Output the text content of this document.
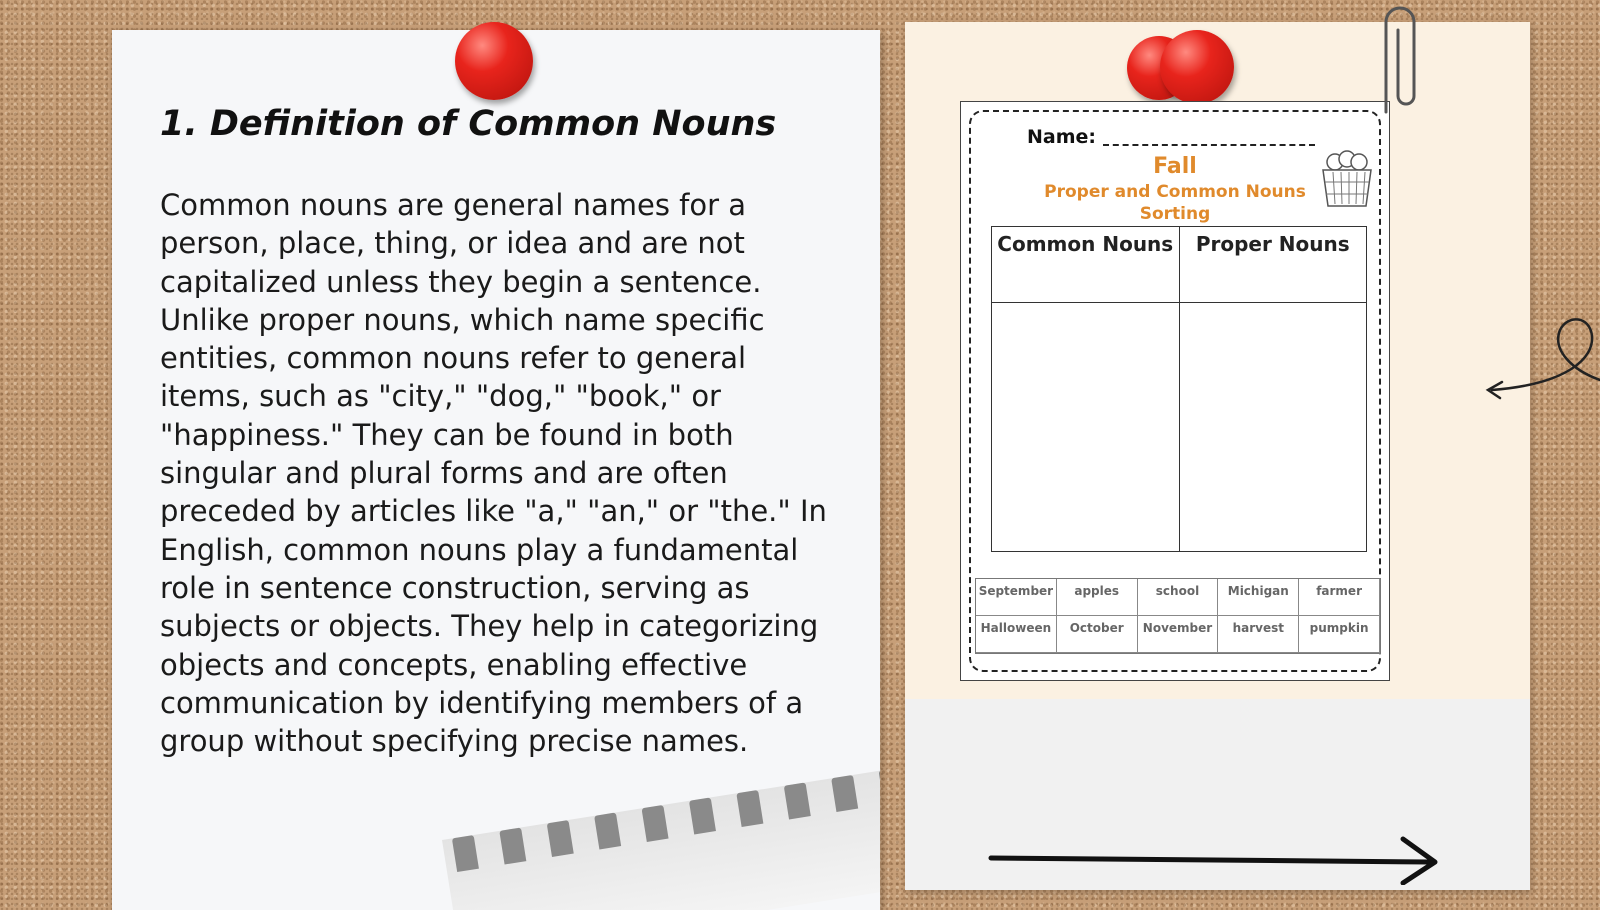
1. Definition of Common Nouns

Common nouns are general names for a person, place, thing, or idea and are not capitalized unless they begin a sentence. Unlike proper nouns, which name specific entities, common nouns refer to general items, such as "city," "dog," "book," or "happiness." They can be found in both singular and plural forms and are often preceded by articles like "a," "an," or "the." In English, common nouns play a fundamental role in sentence construction, serving as subjects or objects. They help in categorizing objects and concepts, enabling effective communication by identifying members of a group without specifying precise names.

Name:
Fall
Proper and Common Nouns
Sorting
Common Nouns	Proper Nouns
September	apples	school	Michigan	farmer
Halloween	October	November	harvest	pumpkin
